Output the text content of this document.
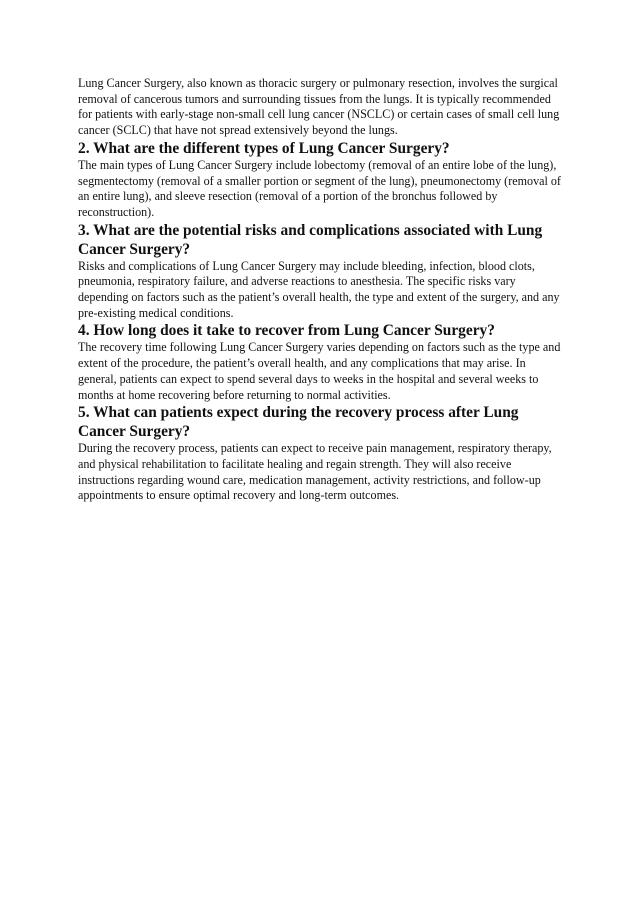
Lung Cancer Surgery, also known as thoracic surgery or pulmonary resection, involves the surgical removal of cancerous tumors and surrounding tissues from the lungs. It is typically recommended for patients with early-stage non-small cell lung cancer (NSCLC) or certain cases of small cell lung cancer (SCLC) that have not spread extensively beyond the lungs.

2. What are the different types of Lung Cancer Surgery?

The main types of Lung Cancer Surgery include lobectomy (removal of an entire lobe of the lung), segmentectomy (removal of a smaller portion or segment of the lung), pneumonectomy (removal of an entire lung), and sleeve resection (removal of a portion of the bronchus followed by reconstruction).

3. What are the potential risks and complications associated with Lung Cancer Surgery?

Risks and complications of Lung Cancer Surgery may include bleeding, infection, blood clots, pneumonia, respiratory failure, and adverse reactions to anesthesia. The specific risks vary depending on factors such as the patient’s overall health, the type and extent of the surgery, and any pre-existing medical conditions.

4. How long does it take to recover from Lung Cancer Surgery?

The recovery time following Lung Cancer Surgery varies depending on factors such as the type and extent of the procedure, the patient’s overall health, and any complications that may arise. In general, patients can expect to spend several days to weeks in the hospital and several weeks to months at home recovering before returning to normal activities.

5. What can patients expect during the recovery process after Lung Cancer Surgery?

During the recovery process, patients can expect to receive pain management, respiratory therapy, and physical rehabilitation to facilitate healing and regain strength. They will also receive instructions regarding wound care, medication management, activity restrictions, and follow-up appointments to ensure optimal recovery and long-term outcomes.
